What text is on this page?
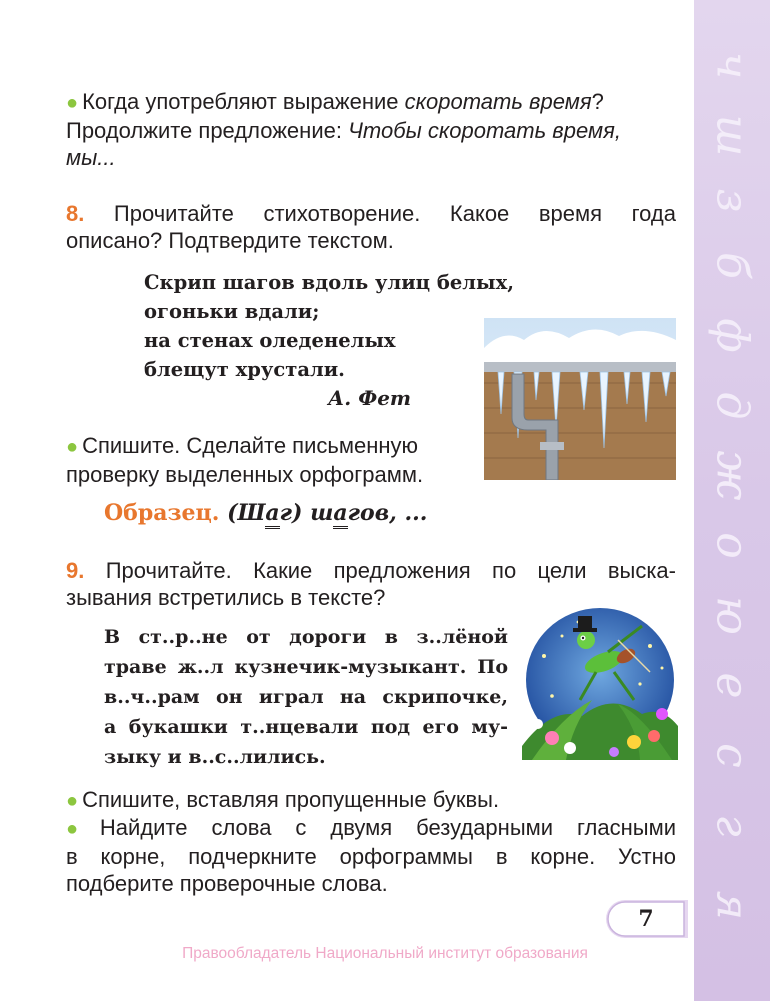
ч
ш
з
б
ф
д
ж
о
ю
е
с
г
я
● Когда употребляют выражение скоротать время?
Продолжите предложение: Чтобы скоротать время,
мы...
8. Прочитайте стихотворение. Какое время года
описано? Подтвердите текстом.
Скрип шагов вдоль улиц белых,
огоньки вдали;
на стенах оледенелых
блещут хрустали.
А. Фет
● Спишите. Сделайте письменную
проверку выделенных орфограмм.
Образец. (Шаг) шагов, ...
9. Прочитайте. Какие предложения по цели выска-
зывания встретились в тексте?
В ст..р..не от дороги в з..лёной
траве ж..л кузнечик-музыкант. По
в..ч..рам он играл на скрипочке,
а букашки т..нцевали под его му-
зыку и в..с..лились.
● Спишите, вставляя пропущенные буквы.
● Найдите слова с двумя безударными гласными
в корне, подчеркните орфограммы в корне. Устно
подберите проверочные слова.
7
Правообладатель Национальный институт образования
